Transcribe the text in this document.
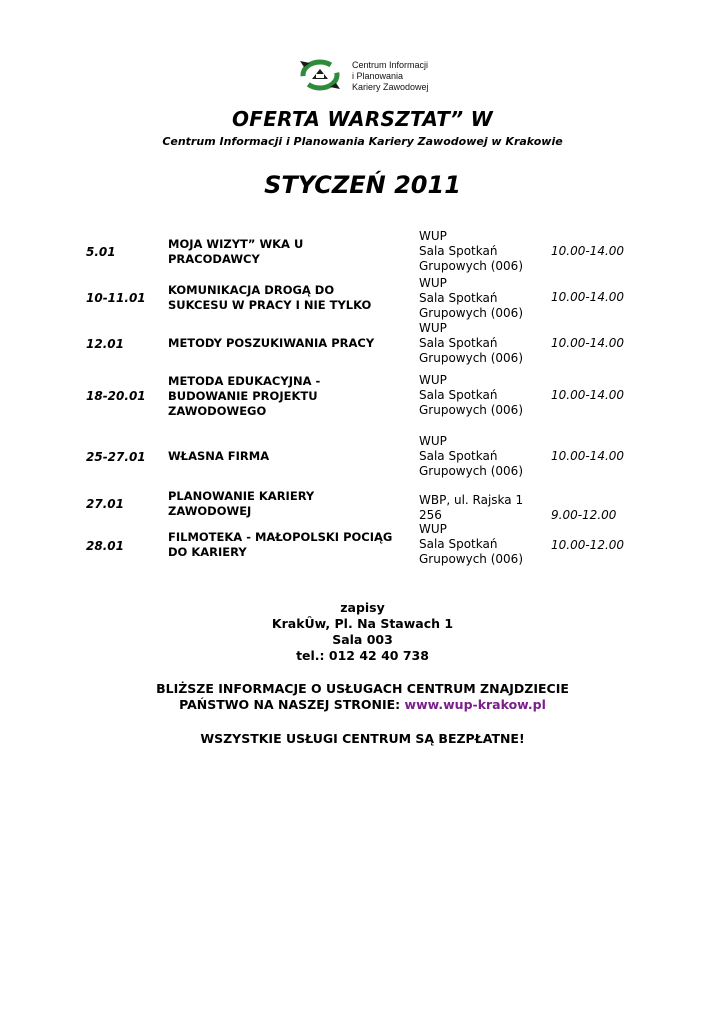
Centrum Informacji
i Planowania
Kariery Zawodowej
OFERTA WARSZTAT” W
Centrum Informacji i Planowania Kariery Zawodowej w Krakowie
STYCZEŃ 2011
5.01
MOJA WIZYT” WKA U
PRACODAWCY
WUP
Sala Spotkań
Grupowych (006)
10.00-14.00
10-11.01
KOMUNIKACJA DROGĄ DO
SUKCESU W PRACY I NIE TYLKO
WUP
Sala Spotkań
Grupowych (006)
10.00-14.00
12.01	METODY POSZUKIWANIA PRACY
WUP
Sala Spotkań
Grupowych (006)
10.00-14.00
18-20.01
METODA EDUKACYJNA -
BUDOWANIE PROJEKTU
ZAWODOWEGO
WUP
Sala Spotkań
Grupowych (006)
10.00-14.00
25-27.01 WŁASNA FIRMA
WUP
Sala Spotkań
Grupowych (006)
10.00-14.00
27.01
PLANOWANIE KARIERY
ZAWODOWEJ
WBP, ul. Rajska 1
256	9.00-12.00
28.01
FILMOTEKA - MAŁOPOLSKI POCIĄG
DO KARIERY
WUP
Sala Spotkań
Grupowych (006)
10.00-12.00
zapisy
KrakÛw, Pl. Na Stawach 1
Sala 003
tel.: 012 42 40 738
BLIŻSZE INFORMACJE O USŁUGACH CENTRUM ZNAJDZIECIE
PAŃSTWO NA NASZEJ STRONIE: www.wup-krakow.pl
WSZYSTKIE USŁUGI CENTRUM SĄ BEZPŁATNE!
